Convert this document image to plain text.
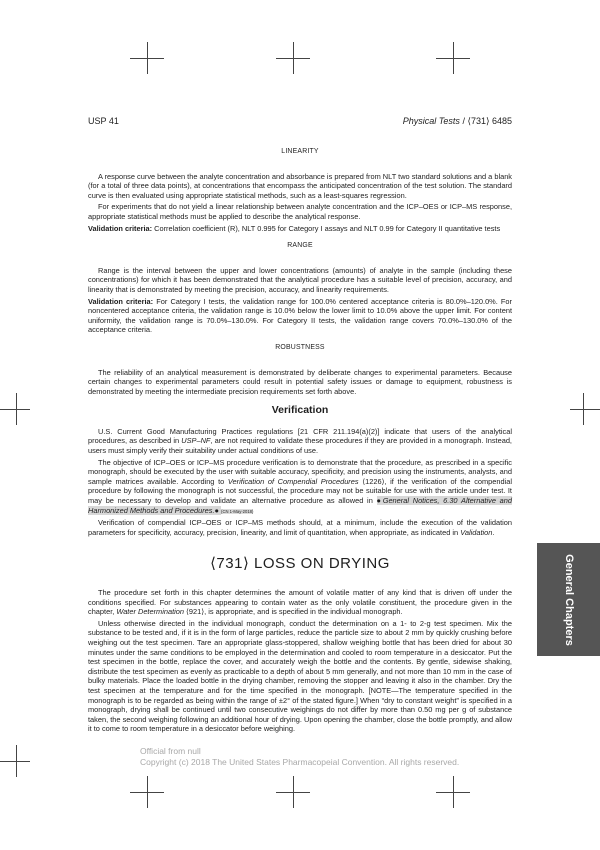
USP 41	Physical Tests / ⟨731⟩ 6485
LINEARITY

A response curve between the analyte concentration and absorbance is prepared from NLT two standard solutions and a blank (for a total of three data points), at concentrations that encompass the anticipated concentration of the test solution. The standard curve is then evaluated using appropriate statistical methods, such as a least-squares regression.

For experiments that do not yield a linear relationship between analyte concentration and the ICP–OES or ICP–MS response, appropriate statistical methods must be applied to describe the analytical response.

Validation criteria: Correlation coefficient (R), NLT 0.995 for Category I assays and NLT 0.99 for Category II quantitative tests

RANGE

Range is the interval between the upper and lower concentrations (amounts) of analyte in the sample (including these concentrations) for which it has been demonstrated that the analytical procedure has a suitable level of precision, accuracy, and linearity that is demonstrated by meeting the precision, accuracy, and linearity requirements.

Validation criteria: For Category I tests, the validation range for 100.0% centered acceptance criteria is 80.0%–120.0%. For noncentered acceptance criteria, the validation range is 10.0% below the lower limit to 10.0% above the upper limit. For content uniformity, the validation range is 70.0%–130.0%. For Category II tests, the validation range covers 70.0%–130.0% of the acceptance criteria.

ROBUSTNESS

The reliability of an analytical measurement is demonstrated by deliberate changes to experimental parameters. Because certain changes to experimental parameters could result in potential safety issues or damage to equipment, robustness is demonstrated by meeting the intermediate precision requirements set forth above.

Verification

U.S. Current Good Manufacturing Practices regulations [21 CFR 211.194(a)(2)] indicate that users of the analytical procedures, as described in USP–NF, are not required to validate these procedures if they are provided in a monograph. Instead, users must simply verify their suitability under actual conditions of use.

The objective of ICP–OES or ICP–MS procedure verification is to demonstrate that the procedure, as prescribed in a specific monograph, should be executed by the user with suitable accuracy, specificity, and precision using the instruments, analysts, and sample matrices available. According to Verification of Compendial Procedures ⟨1226⟩, if the verification of the compendial procedure by following the monograph is not successful, the procedure may not be suitable for use with the article under test. It may be necessary to develop and validate an alternative procedure as allowed in ●General Notices, 6.30 Alternative and Harmonized Methods and Procedures.● (CN 1-May-2018)

Verification of compendial ICP–OES or ICP–MS methods should, at a minimum, include the execution of the validation parameters for specificity, accuracy, precision, linearity, and limit of quantitation, when appropriate, as indicated in Validation.

⟨731⟩ LOSS ON DRYING

The procedure set forth in this chapter determines the amount of volatile matter of any kind that is driven off under the conditions specified. For substances appearing to contain water as the only volatile constituent, the procedure given in the chapter, Water Determination ⟨921⟩, is appropriate, and is specified in the individual monograph.

Unless otherwise directed in the individual monograph, conduct the determination on a 1- to 2-g test specimen. Mix the substance to be tested and, if it is in the form of large particles, reduce the particle size to about 2 mm by quickly crushing before weighing out the test specimen. Tare an appropriate glass-stoppered, shallow weighing bottle that has been dried for about 30 minutes under the same conditions to be employed in the determination and cooled to room temperature in a desiccator. Put the test specimen in the bottle, replace the cover, and accurately weigh the bottle and the contents. By gentle, sidewise shaking, distribute the test specimen as evenly as practicable to a depth of about 5 mm generally, and not more than 10 mm in the case of bulky materials. Place the loaded bottle in the drying chamber, removing the stopper and leaving it also in the chamber. Dry the test specimen at the temperature and for the time specified in the monograph. [NOTE—The temperature specified in the monograph is to be regarded as being within the range of ±2° of the stated figure.] When “dry to constant weight” is specified in a monograph, drying shall be continued until two consecutive weighings do not differ by more than 0.50 mg per g of substance taken, the second weighing following an additional hour of drying. Upon opening the chamber, close the bottle promptly, and allow it to come to room temperature in a desiccator before weighing.

General Chapters
Official from null
Copyright (c) 2018 The United States Pharmacopeial Convention. All rights reserved.
